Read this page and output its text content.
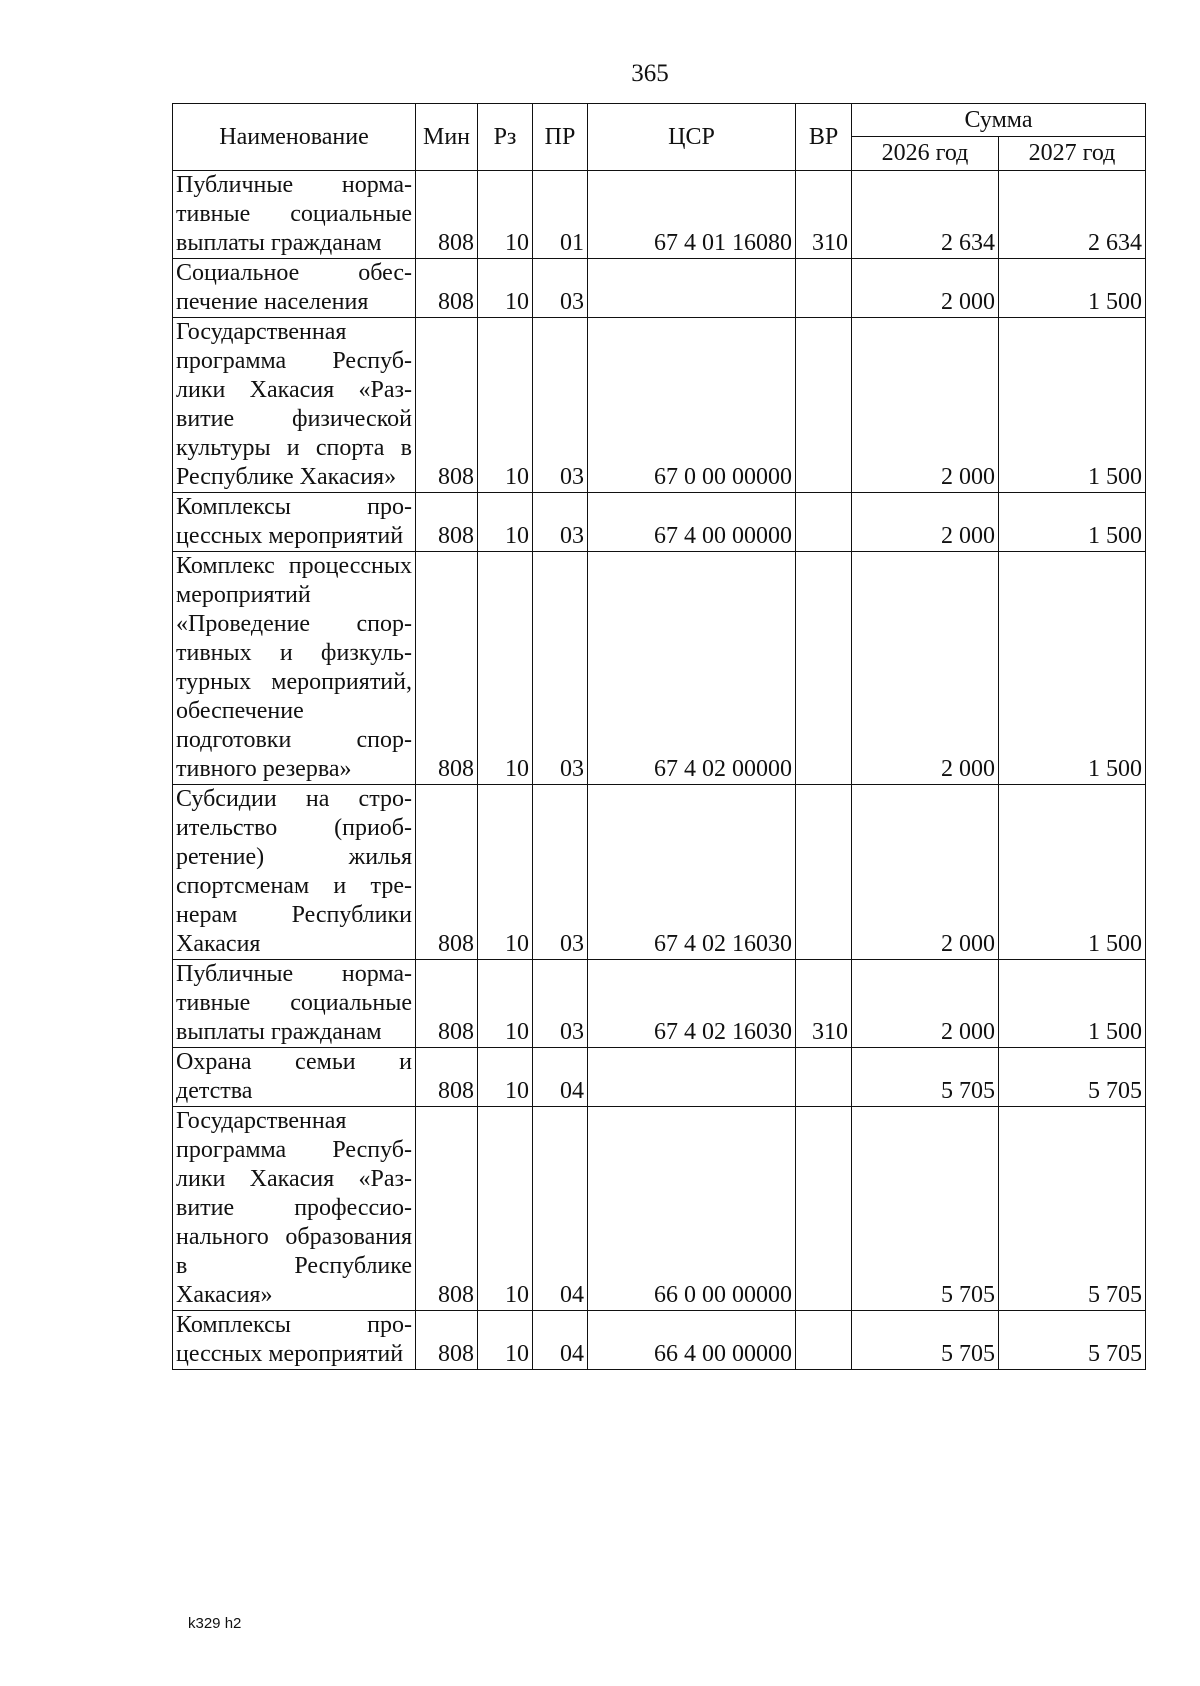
365
Наименование	Мин	Рз	ПР	ЦСР	ВР	Сумма	
						2026 год	2027 год
Публичные нормативные социальные выплаты гражданам	808	10	01	67 4 01 16080	310	2 634	2 634
Социальное обеспечение населения	808	10	03			2 000	1 500
Государственная программа Республики Хакасия «Развитие физической культуры и спорта в Республике Хакасия»	808	10	03	67 0 00 00000		2 000	1 500
Комплексы процессных мероприятий	808	10	03	67 4 00 00000		2 000	1 500
Комплекс процессных мероприятий «Проведение спортивных и физкультурных мероприятий, обеспечение подготовки спортивного резерва»	808	10	03	67 4 02 00000		2 000	1 500
Субсидии на строительство (приобретение) жилья спортсменам и тренерам Республики Хакасия	808	10	03	67 4 02 16030		2 000	1 500
Публичные нормативные социальные выплаты гражданам	808	10	03	67 4 02 16030	310	2 000	1 500
Охрана семьи и детства	808	10	04			5 705	5 705
Государственная программа Республики Хакасия «Развитие профессионального образования в Республике Хакасия»	808	10	04	66 0 00 00000		5 705	5 705
Комплексы процессных мероприятий	808	10	04	66 4 00 00000		5 705	5 705
k329 h2
